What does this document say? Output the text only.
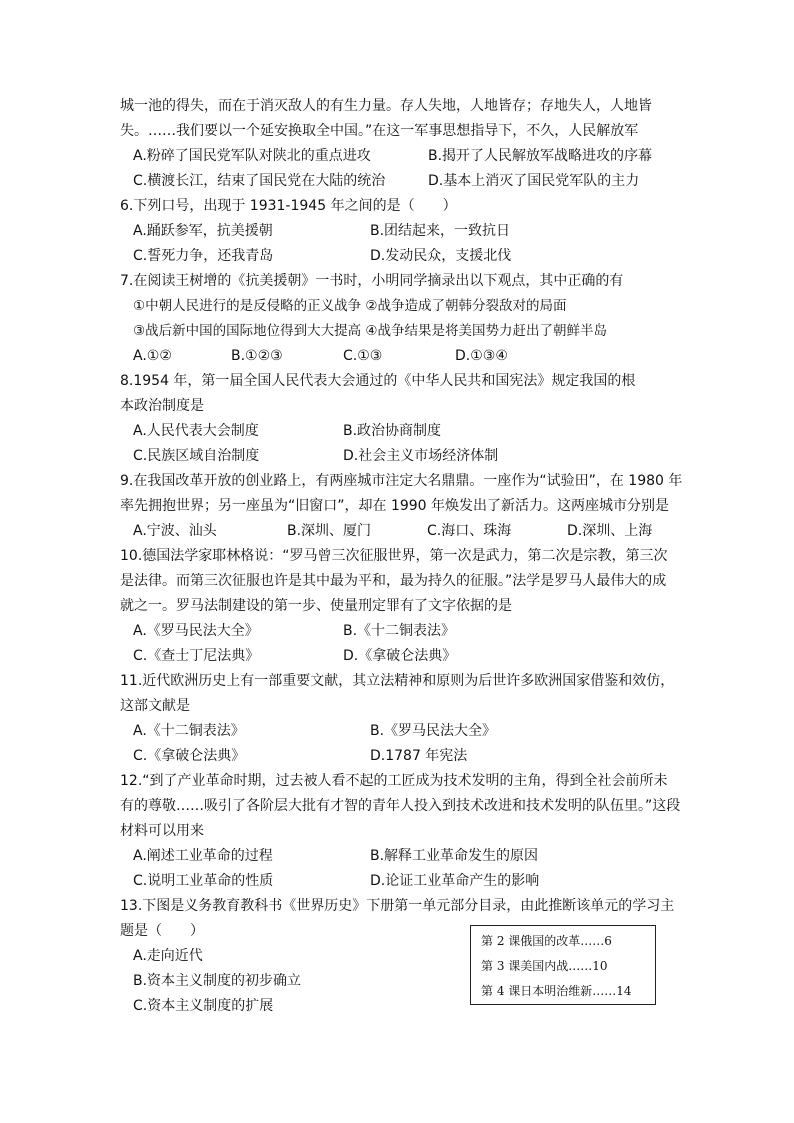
城一池的得失，而在于消灭敌人的有生力量。存人失地，人地皆存；存地失人，人地皆
失。……我们要以一个延安换取全中国。”在这一军事思想指导下，不久，人民解放军
A.粉碎了国民党军队对陕北的重点进攻	B.揭开了人民解放军战略进攻的序幕
C.横渡长江，结束了国民党在大陆的统治	D.基本上消灭了国民党军队的主力
6.下列口号，出现于 1931-1945 年之间的是（　　）
A.踊跃参军，抗美援朝	B.团结起来，一致抗日
C.誓死力争，还我青岛	D.发动民众，支援北伐
7.在阅读王树增的《抗美援朝》一书时，小明同学摘录出以下观点，其中正确的有
①中朝人民进行的是反侵略的正义战争 ②战争造成了朝韩分裂敌对的局面
③战后新中国的国际地位得到大大提高 ④战争结果是将美国势力赶出了朝鲜半岛
A.①②	B.①②③	C.①③	D.①③④
8.1954 年，第一届全国人民代表大会通过的《中华人民共和国宪法》规定我国的根
本政治制度是
A.人民代表大会制度	B.政治协商制度
C.民族区域自治制度	D.社会主义市场经济体制
9.在我国改革开放的创业路上，有两座城市注定大名鼎鼎。一座作为“试验田”，在 1980 年
率先拥抱世界；另一座虽为“旧窗口”，却在 1990 年焕发出了新活力。这两座城市分别是
A.宁波、汕头	B.深圳、厦门	C.海口、珠海	D.深圳、上海
10.德国法学家耶林格说：“罗马曾三次征服世界，第一次是武力，第二次是宗教，第三次
是法律。而第三次征服也许是其中最为平和，最为持久的征服。”法学是罗马人最伟大的成
就之一。罗马法制建设的第一步、使量刑定罪有了文字依据的是
A.《罗马民法大全》	B.《十二铜表法》
C.《查士丁尼法典》	D.《拿破仑法典》
11.近代欧洲历史上有一部重要文献，其立法精神和原则为后世许多欧洲国家借鉴和效仿，
这部文献是
A.《十二铜表法》	B.《罗马民法大全》
C.《拿破仑法典》	D.1787 年宪法
12.“到了产业革命时期，过去被人看不起的工匠成为技术发明的主角，得到全社会前所未
有的尊敬……吸引了各阶层大批有才智的青年人投入到技术改进和技术发明的队伍里。”这段
材料可以用来
A.阐述工业革命的过程	B.解释工业革命发生的原因
C.说明工业革命的性质	D.论证工业革命产生的影响
13.下图是义务教育教科书《世界历史》下册第一单元部分目录，由此推断该单元的学习主
题是（　　）
A.走向近代
B.资本主义制度的初步确立
C.资本主义制度的扩展
第 2 课俄国的改革……6
第 3 课美国内战……10
第 4 课日本明治维新……14
